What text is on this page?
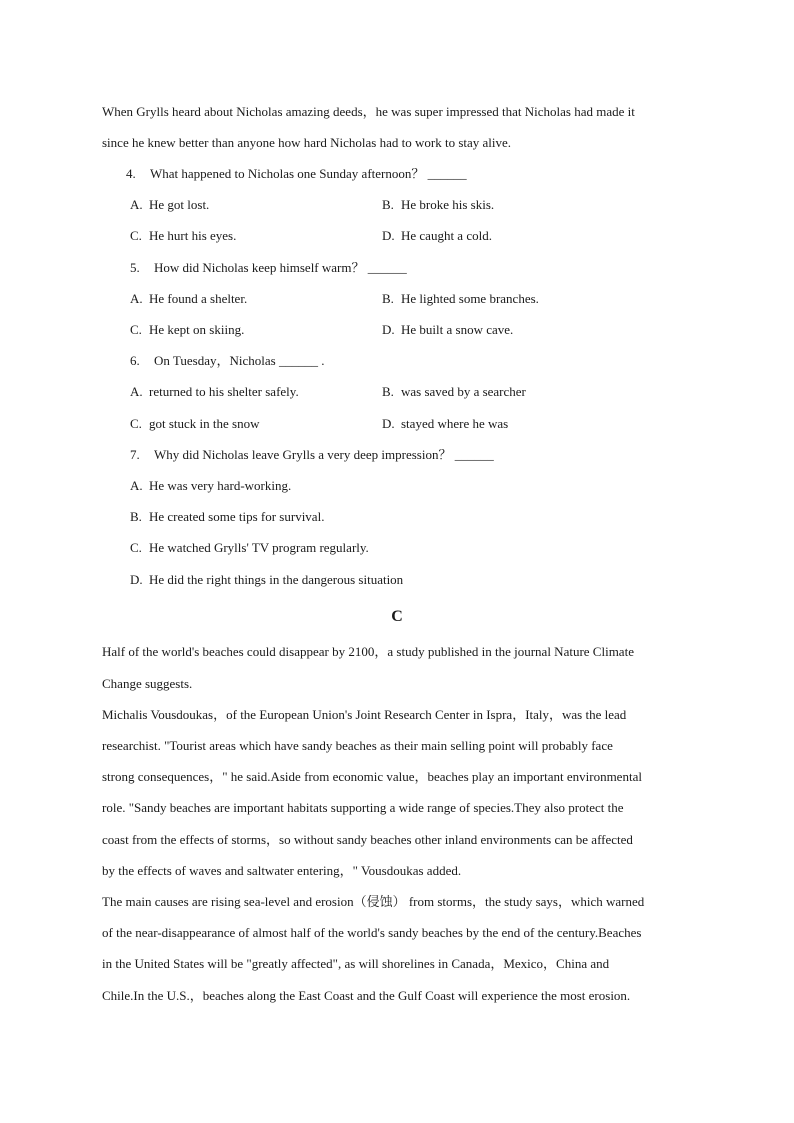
When Grylls heard about Nicholas amazing deeds，he was super impressed that Nicholas had made it
since he knew better than anyone how hard Nicholas had to work to stay alive.
4. What happened to Nicholas one Sunday afternoon？ ______
A. He got lost.	B. He broke his skis.
C. He hurt his eyes.	D. He caught a cold.
5. How did Nicholas keep himself warm？ ______
A. He found a shelter.	B. He lighted some branches.
C. He kept on skiing.	D. He built a snow cave.
6. On Tuesday，Nicholas ______ .
A. returned to his shelter safely.	B. was saved by a searcher
C. got stuck in the snow	D. stayed where he was
7. Why did Nicholas leave Grylls a very deep impression？ ______
A. He was very hard-working.
B. He created some tips for survival.
C. He watched Grylls' TV program regularly.
D. He did the right things in the dangerous situation
C
Half of the world's beaches could disappear by 2100，a study published in the journal Nature Climate
Change suggests.
Michalis Vousdoukas，of the European Union's Joint Research Center in Ispra，Italy，was the lead
researchist. "Tourist areas which have sandy beaches as their main selling point will probably face
strong consequences，" he said.Aside from economic value，beaches play an important environmental
role. "Sandy beaches are important habitats supporting a wide range of species.They also protect the
coast from the effects of storms，so without sandy beaches other inland environments can be affected
by the effects of waves and saltwater entering，" Vousdoukas added.
The main causes are rising sea-level and erosion（侵蚀） from storms，the study says，which warned
of the near-disappearance of almost half of the world's sandy beaches by the end of the century.Beaches
in the United States will be "greatly affected", as will shorelines in Canada，Mexico，China and
Chile.In the U.S.，beaches along the East Coast and the Gulf Coast will experience the most erosion.
